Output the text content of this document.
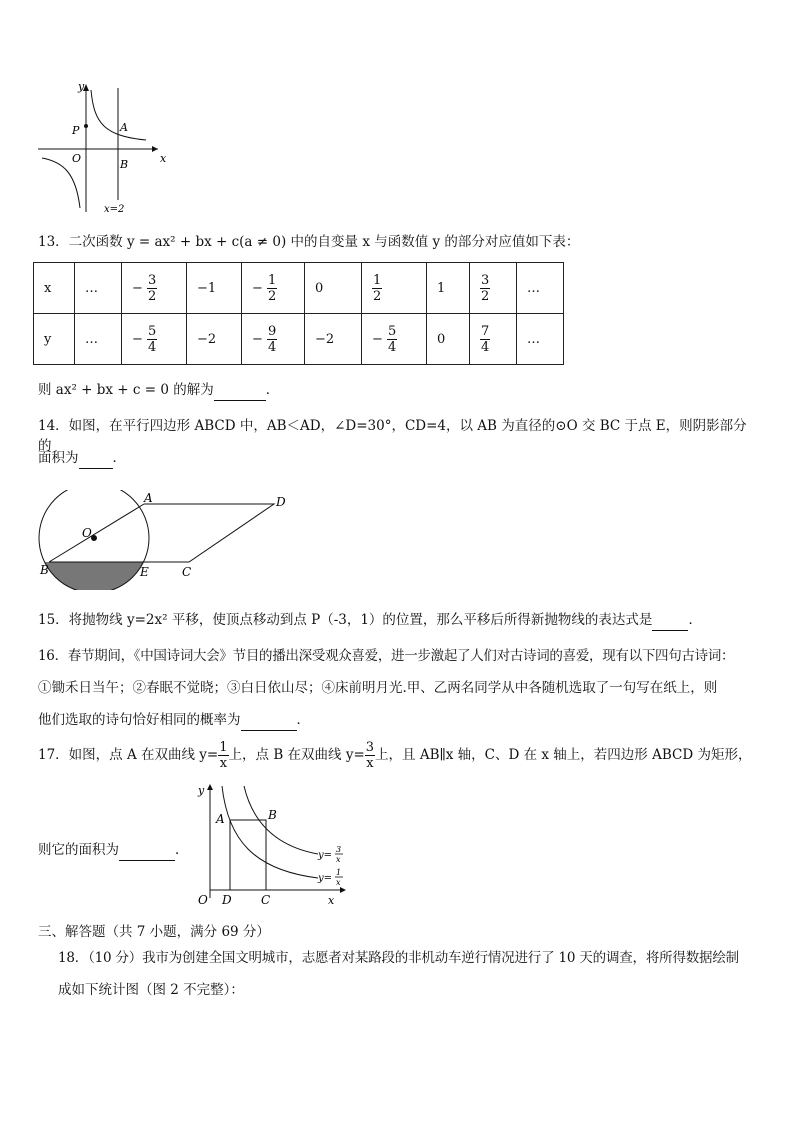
y
x
P	A
O	B
x=2
13．二次函数 y = ax² + bx + c(a ≠ 0) 中的自变量 x 与函数值 y 的部分对应值如下表：
x	…	− $\frac{3}{2}$	−1	− $\frac{1}{2}$	0	$\frac{1}{2}$	1	$\frac{3}{2}$	…
y	…	− $\frac{5}{4}$	−2	− $\frac{9}{4}$	−2	− $\frac{5}{4}$	0	$\frac{7}{4}$	…
则 ax² + bx + c = 0 的解为	．
14．如图，在平行四边形 ABCD 中，AB＜AD，∠D=30°，CD=4，以 AB 为直径的⊙O 交 BC 于点 E，则阴影部分的
面积为	．
A	D
O
B	E	C
15．将抛物线 y=2x² 平移，使顶点移动到点 P（-3，1）的位置，那么平移后所得新抛物线的表达式是	．
16．春节期间，《中国诗词大会》节目的播出深受观众喜爱，进一步激起了人们对古诗词的喜爱，现有以下四句古诗词：
①锄禾日当午；②春眠不觉晓；③白日依山尽；④床前明月光.甲、乙两名同学从中各随机选取了一句写在纸上，则
他们选取的诗句恰好相同的概率为	．
17．如图，点 A 在双曲线 $y= \frac{1}{x}$ 上，点 B 在双曲线 $y= \frac{3}{x}$ 上，且 AB∥x 轴，C、D 在 x 轴上，若四边形 ABCD 为矩形，
则它的面积为	．
y
A	B
O D C	x
y=
3
x
y=
1
x
三、解答题（共 7 小题，满分 69 分）
18．（10 分）我市为创建全国文明城市，志愿者对某路段的非机动车逆行情况进行了 10 天的调查，将所得数据绘制
成如下统计图（图 2 不完整）：
